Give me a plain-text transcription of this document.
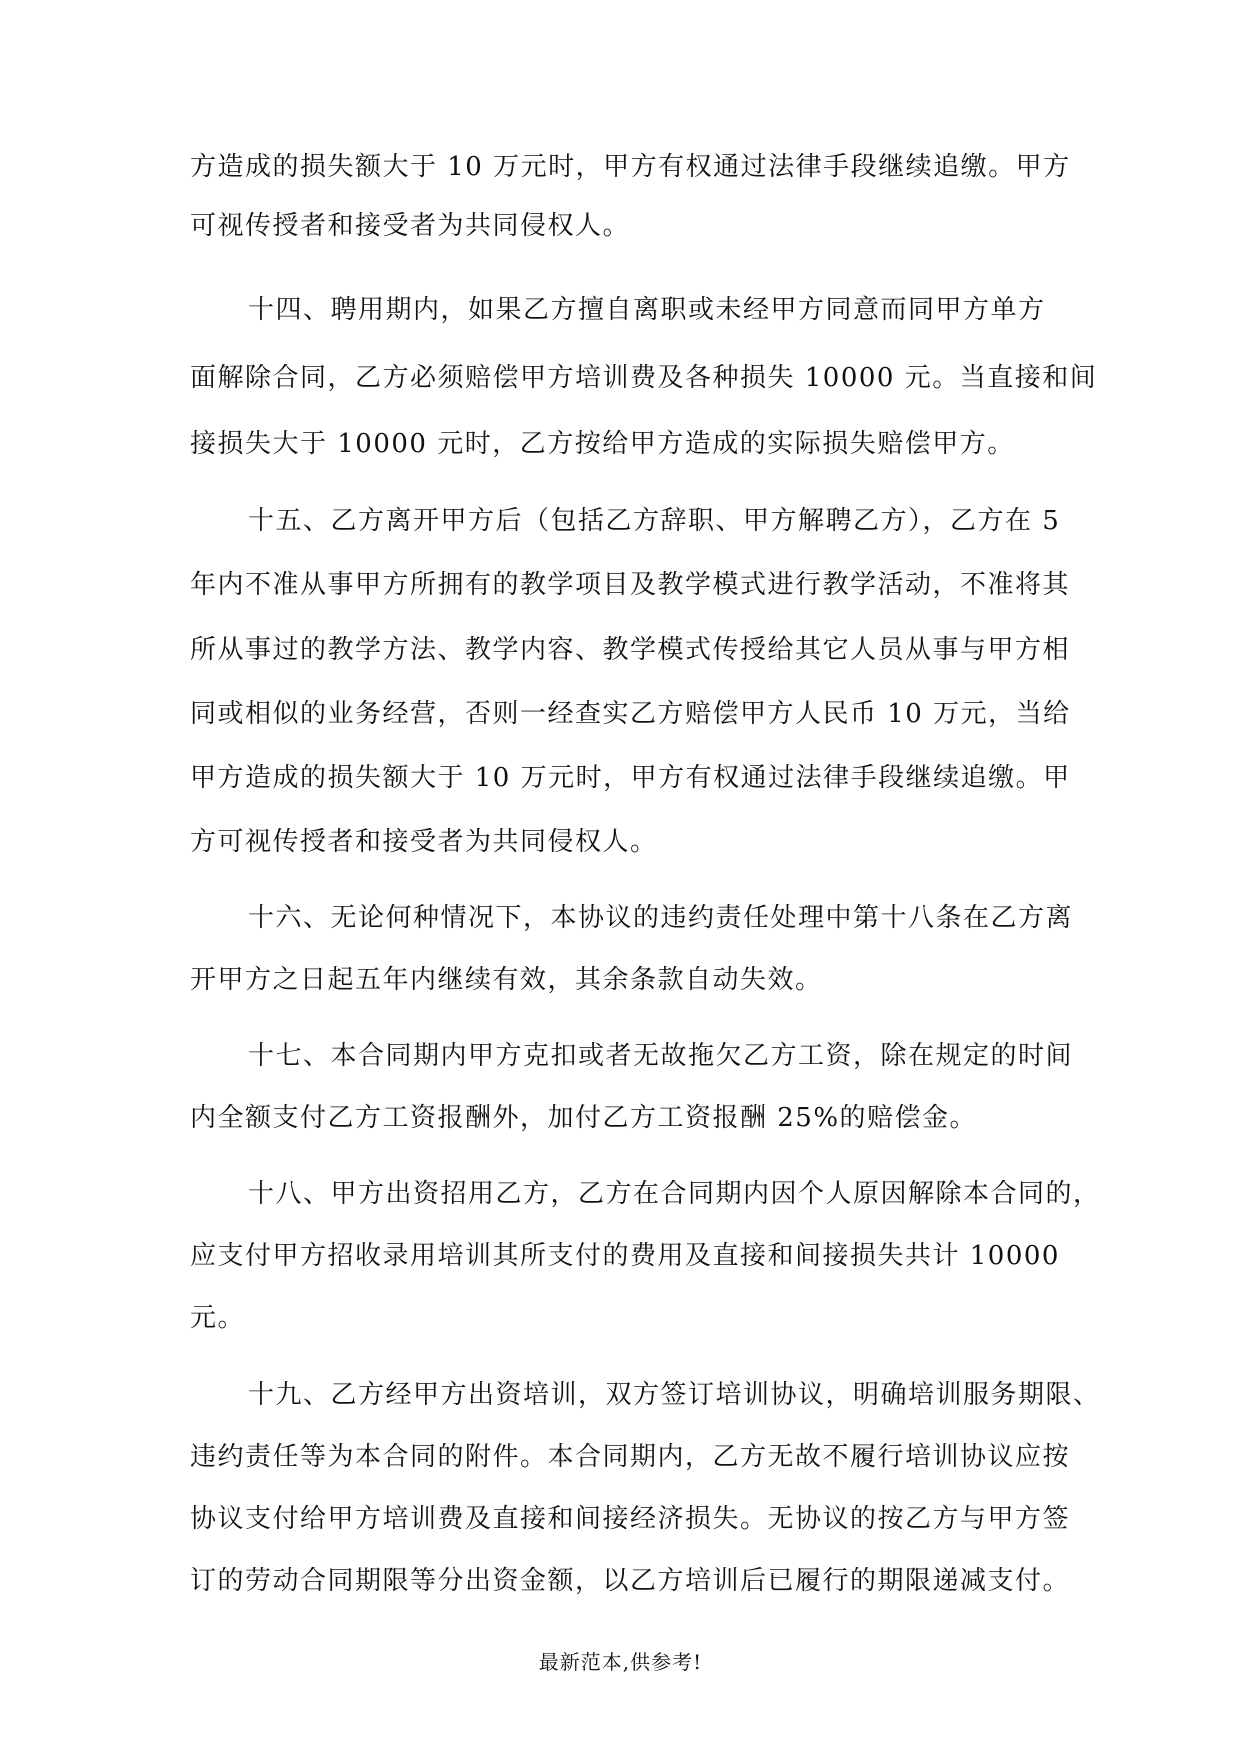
方造成的损失额大于 10 万元时，甲方有权通过法律手段继续追缴。甲方
可视传授者和接受者为共同侵权人。
十四、聘用期内，如果乙方擅自离职或未经甲方同意而同甲方单方
面解除合同，乙方必须赔偿甲方培训费及各种损失 10000 元。当直接和间
接损失大于 10000 元时，乙方按给甲方造成的实际损失赔偿甲方。
十五、乙方离开甲方后（包括乙方辞职、甲方解聘乙方），乙方在 5
年内不准从事甲方所拥有的教学项目及教学模式进行教学活动，不准将其
所从事过的教学方法、教学内容、教学模式传授给其它人员从事与甲方相
同或相似的业务经营，否则一经查实乙方赔偿甲方人民币 10 万元，当给
甲方造成的损失额大于 10 万元时，甲方有权通过法律手段继续追缴。甲
方可视传授者和接受者为共同侵权人。
十六、无论何种情况下，本协议的违约责任处理中第十八条在乙方离
开甲方之日起五年内继续有效，其余条款自动失效。
十七、本合同期内甲方克扣或者无故拖欠乙方工资，除在规定的时间
内全额支付乙方工资报酬外，加付乙方工资报酬 25%的赔偿金。
十八、甲方出资招用乙方，乙方在合同期内因个人原因解除本合同的，
应支付甲方招收录用培训其所支付的费用及直接和间接损失共计 10000
元。
十九、乙方经甲方出资培训，双方签订培训协议，明确培训服务期限、
违约责任等为本合同的附件。本合同期内，乙方无故不履行培训协议应按
协议支付给甲方培训费及直接和间接经济损失。无协议的按乙方与甲方签
订的劳动合同期限等分出资金额，以乙方培训后已履行的期限递减支付。
最新范本,供参考!
